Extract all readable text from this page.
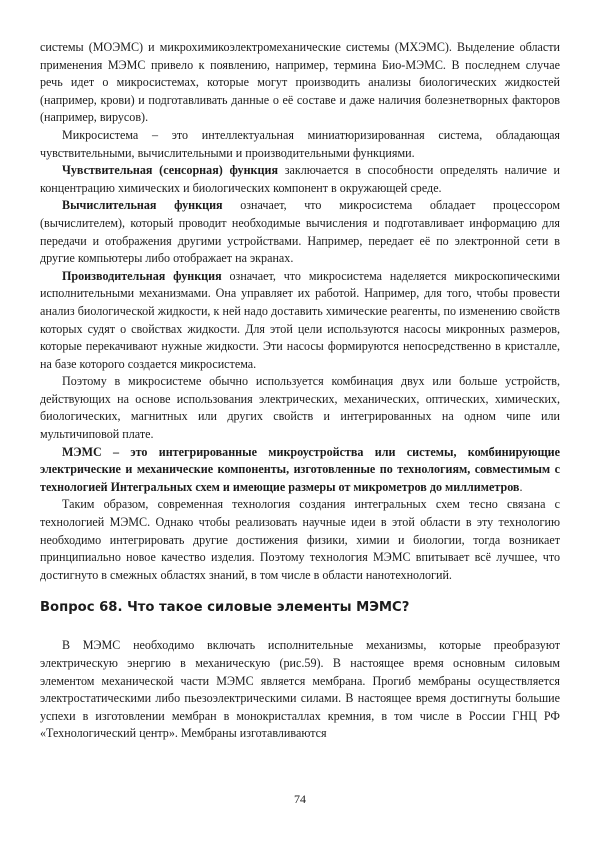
системы (МОЭМС) и микрохимикоэлектромеханические системы (МХЭМС). Выделение области применения МЭМС привело к появлению, например, термина Био-МЭМС. В последнем случае речь идет о микросистемах, которые могут производить анализы биологических жидкостей (например, крови) и подготавливать данные о её составе и даже наличия болезнетворных факторов (например, вирусов).

Микросистема – это интеллектуальная миниатюризированная система, обладающая чувствительными, вычислительными и производительными функциями.

Чувствительная (сенсорная) функция заключается в способности определять наличие и концентрацию химических и биологических компонент в окружающей среде.

Вычислительная функция означает, что микросистема обладает процессором (вычислителем), который проводит необходимые вычисления и подготавливает информацию для передачи и отображения другими устройствами. Например, передает её по электронной сети в другие компьютеры либо отображает на экранах.

Производительная функция означает, что микросистема наделяется микроскопическими исполнительными механизмами. Она управляет их работой. Например, для того, чтобы провести анализ биологической жидкости, к ней надо доставить химические реагенты, по изменению свойств которых судят о свойствах жидкости. Для этой цели используются насосы микронных размеров, которые перекачивают нужные жидкости. Эти насосы формируются непосредственно в кристалле, на базе которого создается микросистема.

Поэтому в микросистеме обычно используется комбинация двух или больше устройств, действующих на основе использования электрических, механических, оптических, химических, биологических, магнитных или других свойств и интегрированных на одном чипе или мультичиповой плате.

МЭМС – это интегрированные микроустройства или системы, комбинирующие электрические и механические компоненты, изготовленные по технологиям, совместимым с технологией Интегральных схем и имеющие размеры от микрометров до миллиметров.

Таким образом, современная технология создания интегральных схем тесно связана с технологией МЭМС. Однако чтобы реализовать научные идеи в этой области в эту технологию необходимо интегрировать другие достижения физики, химии и биологии, тогда возникает принципиально новое качество изделия. Поэтому технология МЭМС впитывает всё лучшее, что достигнуто в смежных областях знаний, в том числе в области нанотехнологий.

Вопрос 68. Что такое силовые элементы МЭМС?

В МЭМС необходимо включать исполнительные механизмы, которые преобразуют электрическую энергию в механическую (рис.59). В настоящее время основным силовым элементом механической части МЭМС является мембрана. Прогиб мембраны осуществляется электростатическими либо пьезоэлектрическими силами. В настоящее время достигнуты большие успехи в изготовлении мембран в монокристаллах кремния, в том числе в России ГНЦ РФ «Технологический центр». Мембраны изготавливаются

74
